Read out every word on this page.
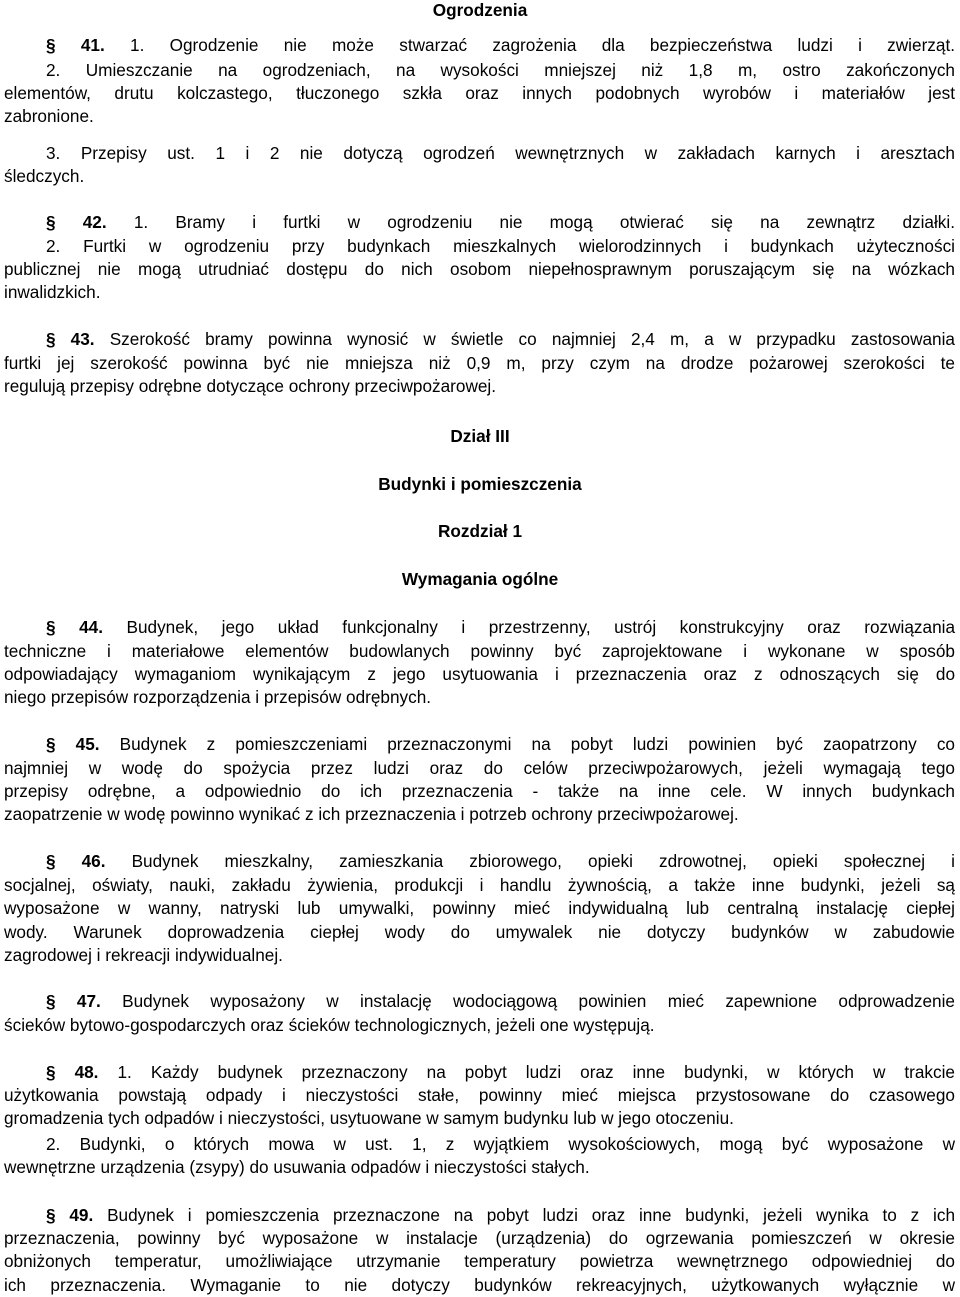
Ogrodzenia
§ 41. 1. Ogrodzenie nie może stwarzać zagrożenia dla bezpieczeństwa ludzi i zwierząt.
2. Umieszczanie na ogrodzeniach, na wysokości mniejszej niż 1,8 m, ostro zakończonych
elementów, drutu kolczastego, tłuczonego szkła oraz innych podobnych wyrobów i materiałów jest
zabronione.
3. Przepisy ust. 1 i 2 nie dotyczą ogrodzeń wewnętrznych w zakładach karnych i aresztach
śledczych.
§ 42. 1. Bramy i furtki w ogrodzeniu nie mogą otwierać się na zewnątrz działki.
2. Furtki w ogrodzeniu przy budynkach mieszkalnych wielorodzinnych i budynkach użyteczności
publicznej nie mogą utrudniać dostępu do nich osobom niepełnosprawnym poruszającym się na wózkach
inwalidzkich.
§ 43. Szerokość bramy powinna wynosić w świetle co najmniej 2,4 m, a w przypadku zastosowania
furtki jej szerokość powinna być nie mniejsza niż 0,9 m, przy czym na drodze pożarowej szerokości te
regulują przepisy odrębne dotyczące ochrony przeciwpożarowej.
§ 44. Budynek, jego układ funkcjonalny i przestrzenny, ustrój konstrukcyjny oraz rozwiązania
techniczne i materiałowe elementów budowlanych powinny być zaprojektowane i wykonane w sposób
odpowiadający wymaganiom wynikającym z jego usytuowania i przeznaczenia oraz z odnoszących się do
niego przepisów rozporządzenia i przepisów odrębnych.
§ 45. Budynek z pomieszczeniami przeznaczonymi na pobyt ludzi powinien być zaopatrzony co
najmniej w wodę do spożycia przez ludzi oraz do celów przeciwpożarowych, jeżeli wymagają tego
przepisy odrębne, a odpowiednio do ich przeznaczenia - także na inne cele. W innych budynkach
zaopatrzenie w wodę powinno wynikać z ich przeznaczenia i potrzeb ochrony przeciwpożarowej.
§ 46. Budynek mieszkalny, zamieszkania zbiorowego, opieki zdrowotnej, opieki społecznej i
socjalnej, oświaty, nauki, zakładu żywienia, produkcji i handlu żywnością, a także inne budynki, jeżeli są
wyposażone w wanny, natryski lub umywalki, powinny mieć indywidualną lub centralną instalację ciepłej
wody. Warunek doprowadzenia ciepłej wody do umywalek nie dotyczy budynków w zabudowie
zagrodowej i rekreacji indywidualnej.
§ 47. Budynek wyposażony w instalację wodociągową powinien mieć zapewnione odprowadzenie
ścieków bytowo-gospodarczych oraz ścieków technologicznych, jeżeli one występują.
§ 48. 1. Każdy budynek przeznaczony na pobyt ludzi oraz inne budynki, w których w trakcie
użytkowania powstają odpady i nieczystości stałe, powinny mieć miejsca przystosowane do czasowego
gromadzenia tych odpadów i nieczystości, usytuowane w samym budynku lub w jego otoczeniu.
2. Budynki, o których mowa w ust. 1, z wyjątkiem wysokościowych, mogą być wyposażone w
wewnętrzne urządzenia (zsypy) do usuwania odpadów i nieczystości stałych.
§ 49. Budynek i pomieszczenia przeznaczone na pobyt ludzi oraz inne budynki, jeżeli wynika to z ich
przeznaczenia, powinny być wyposażone w instalacje (urządzenia) do ogrzewania pomieszczeń w okresie
obniżonych temperatur, umożliwiające utrzymanie temperatury powietrza wewnętrznego odpowiedniej do
ich przeznaczenia. Wymaganie to nie dotyczy budynków rekreacyjnych, użytkowanych wyłącznie w
Dział III
Budynki i pomieszczenia
Rozdział 1
Wymagania ogólne
